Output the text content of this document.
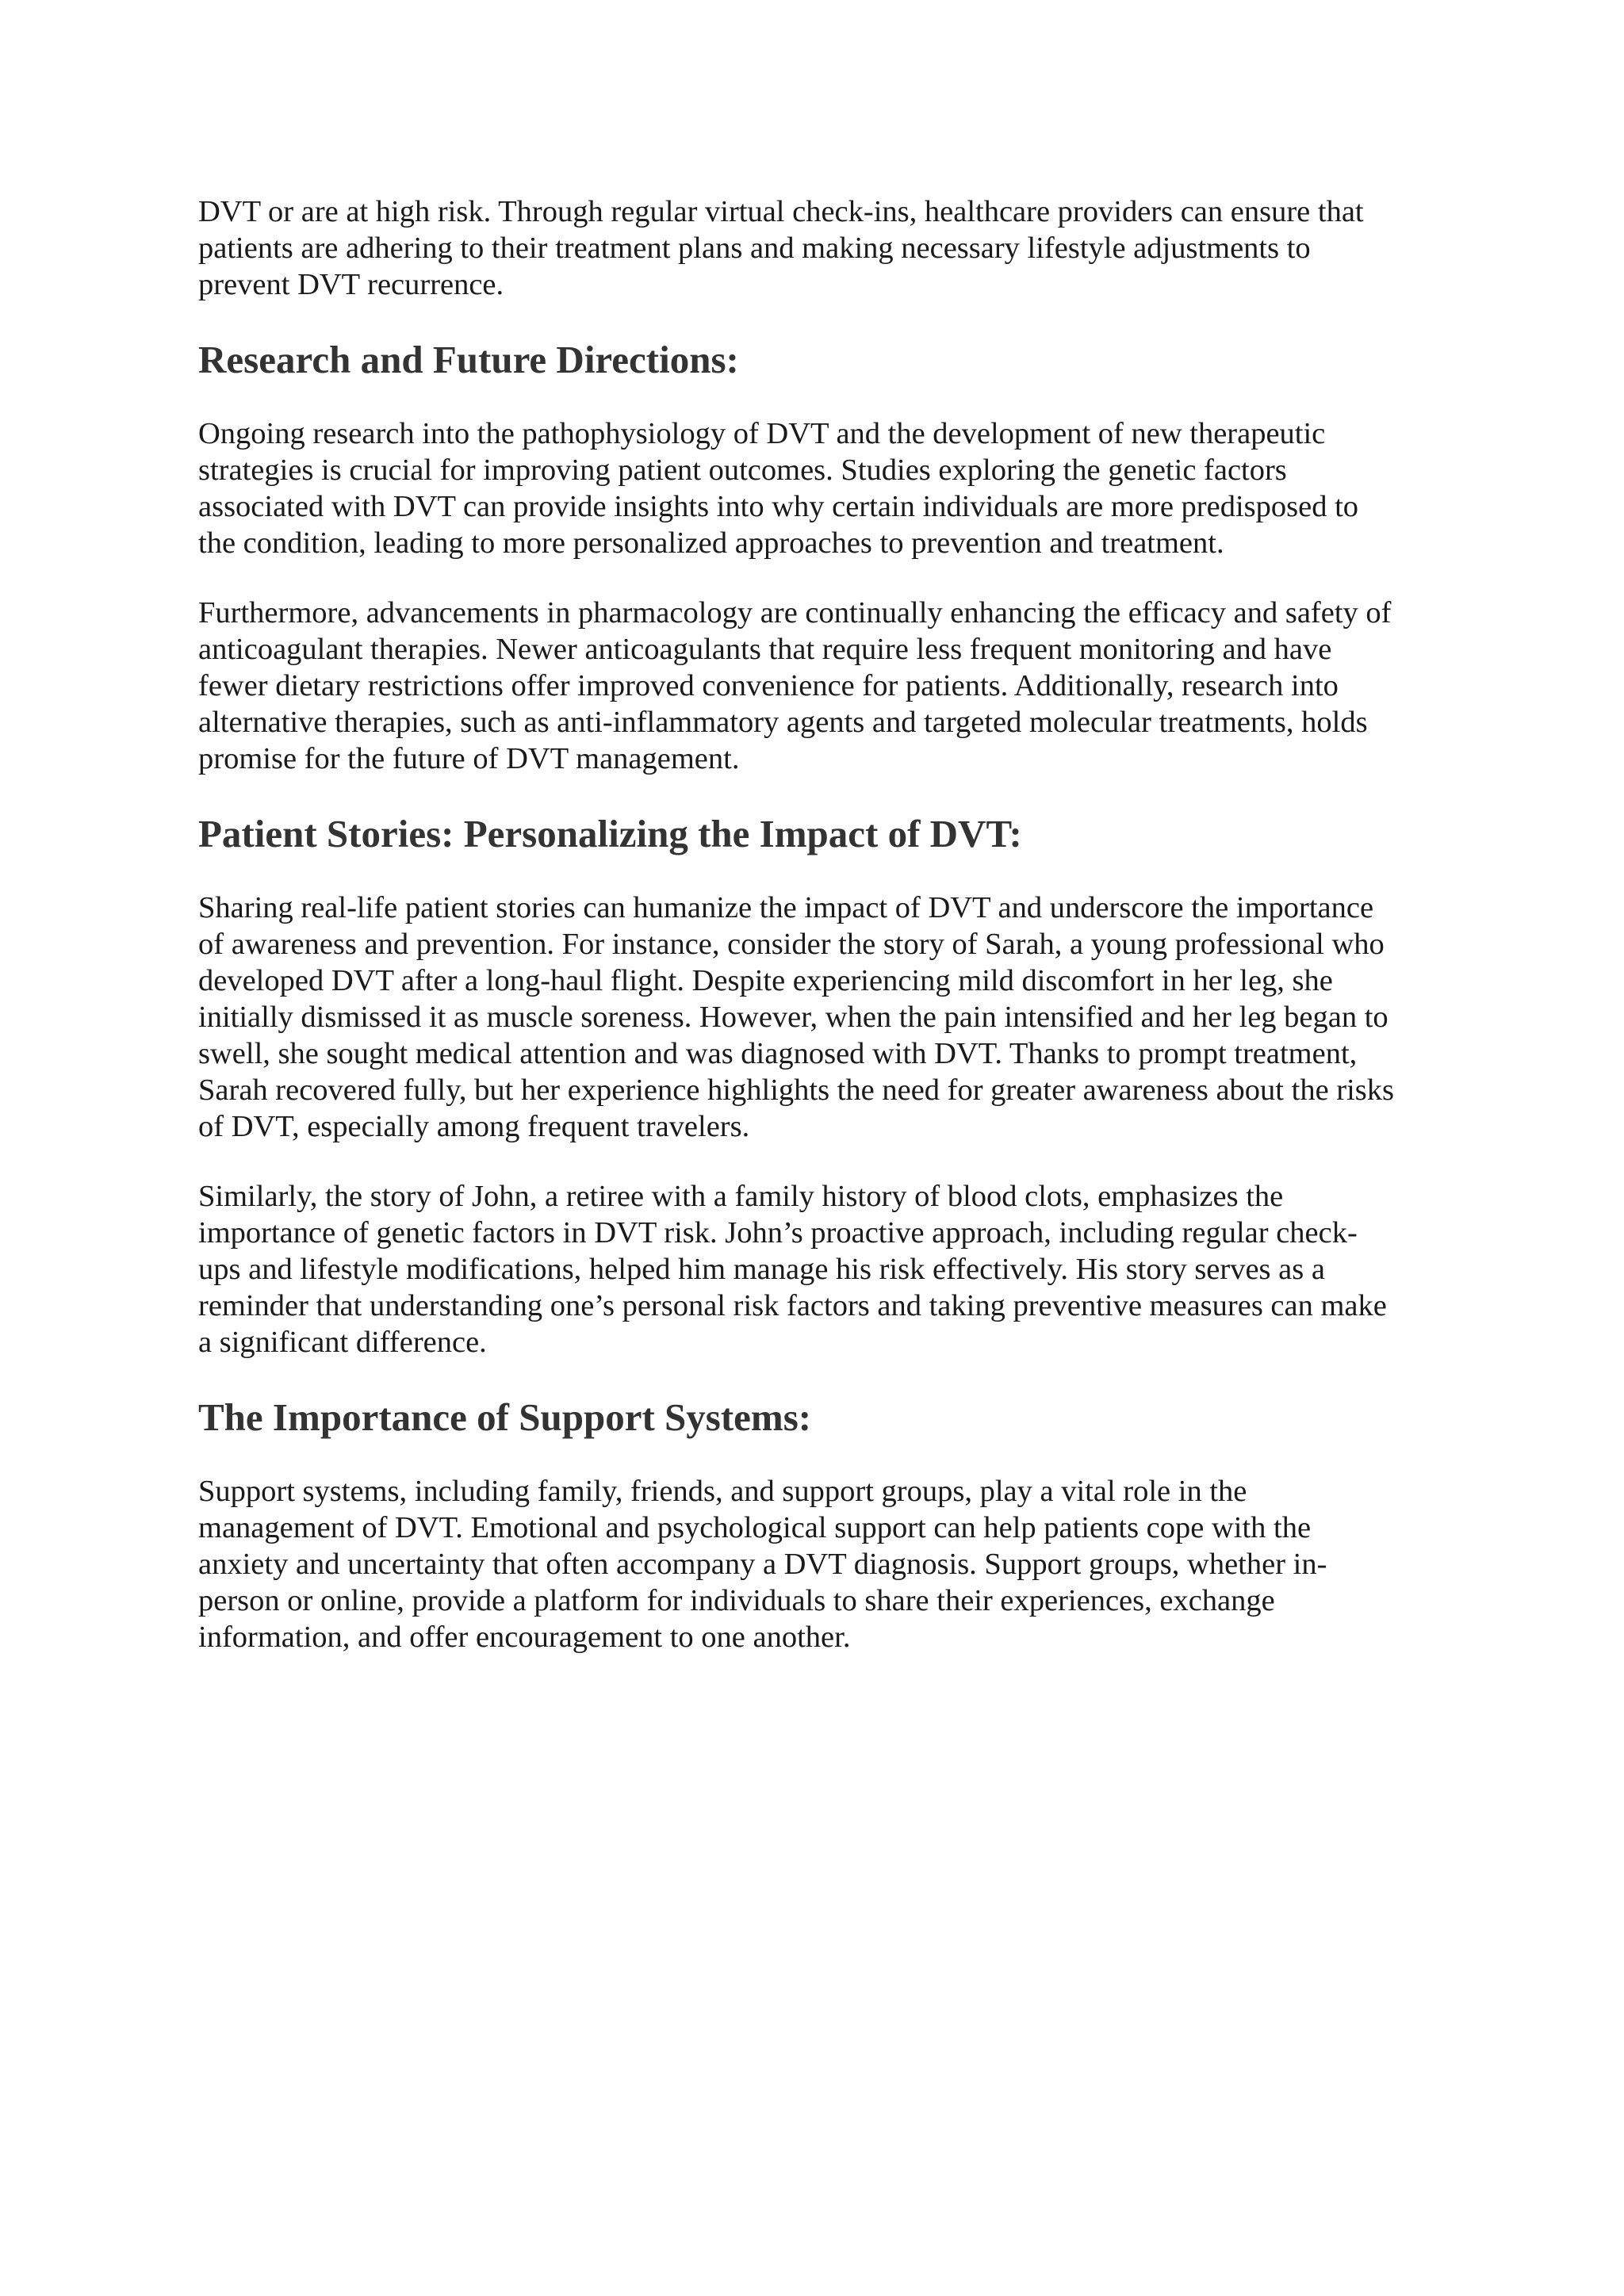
DVT or are at high risk. Through regular virtual check-ins, healthcare providers can ensure that
patients are adhering to their treatment plans and making necessary lifestyle adjustments to
prevent DVT recurrence.

Research and Future Directions:

Ongoing research into the pathophysiology of DVT and the development of new therapeutic
strategies is crucial for improving patient outcomes. Studies exploring the genetic factors
associated with DVT can provide insights into why certain individuals are more predisposed to
the condition, leading to more personalized approaches to prevention and treatment.

Furthermore, advancements in pharmacology are continually enhancing the efficacy and safety of
anticoagulant therapies. Newer anticoagulants that require less frequent monitoring and have
fewer dietary restrictions offer improved convenience for patients. Additionally, research into
alternative therapies, such as anti-inflammatory agents and targeted molecular treatments, holds
promise for the future of DVT management.

Patient Stories: Personalizing the Impact of DVT:

Sharing real-life patient stories can humanize the impact of DVT and underscore the importance
of awareness and prevention. For instance, consider the story of Sarah, a young professional who
developed DVT after a long-haul flight. Despite experiencing mild discomfort in her leg, she
initially dismissed it as muscle soreness. However, when the pain intensified and her leg began to
swell, she sought medical attention and was diagnosed with DVT. Thanks to prompt treatment,
Sarah recovered fully, but her experience highlights the need for greater awareness about the risks
of DVT, especially among frequent travelers.

Similarly, the story of John, a retiree with a family history of blood clots, emphasizes the
importance of genetic factors in DVT risk. John’s proactive approach, including regular check-
ups and lifestyle modifications, helped him manage his risk effectively. His story serves as a
reminder that understanding one’s personal risk factors and taking preventive measures can make
a significant difference.

The Importance of Support Systems:

Support systems, including family, friends, and support groups, play a vital role in the
management of DVT. Emotional and psychological support can help patients cope with the
anxiety and uncertainty that often accompany a DVT diagnosis. Support groups, whether in-
person or online, provide a platform for individuals to share their experiences, exchange
information, and offer encouragement to one another.
